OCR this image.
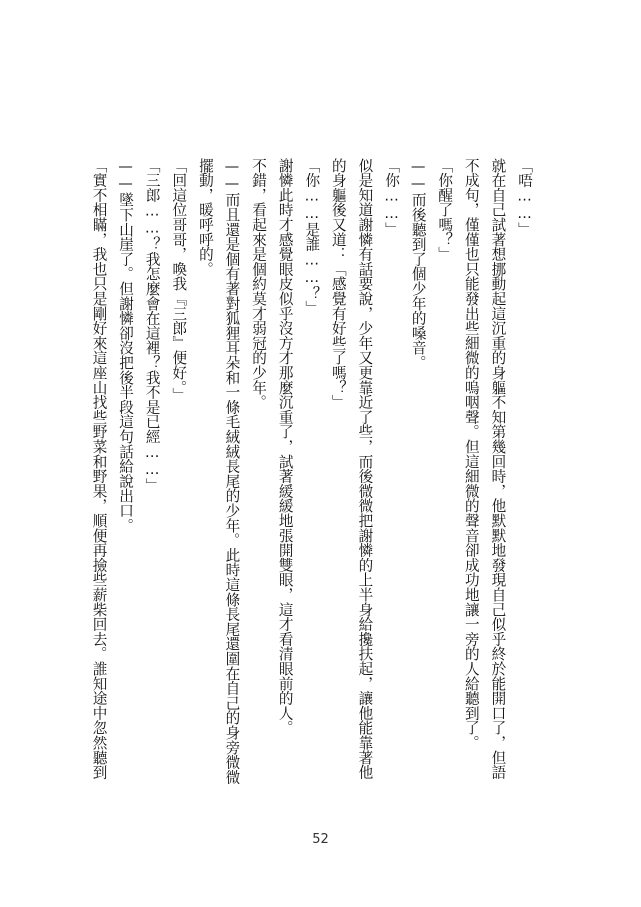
「唔……」

就在自己試著想挪動起這沉重的身軀不知第幾回時，他默默地發現自己似乎終於能開口了，但語

不成句，僅僅也只能發出些細微的嗚咽聲。但這細微的聲音卻成功地讓一旁的人給聽到了。

「你醒了嗎？」

——而後聽到了個少年的嗓音。

「你……」

似是知道謝憐有話要說，少年又更靠近了些，而後微微把謝憐的上半身給攙扶起，讓他能靠著他

的身軀後又道：「感覺有好些了嗎？」

「你……是誰……？」

謝憐此時才感覺眼皮似乎沒方才那麼沉重了，試著緩緩地張開雙眼，這才看清眼前的人。

不錯，看起來是個約莫才弱冠的少年。

——而且還是個有著對狐狸耳朵和一條毛絨絨長尾的少年。此時這條長尾還圍在自己的身旁微微

擺動，暖呼呼的。

「回這位哥哥，喚我『三郎』便好。」

「三郎……？我怎麼會在這裡？我不是已經……」

——墜下山崖了。但謝憐卻沒把後半段這句話給說出口。

「實不相瞞，我也只是剛好來這座山找些野菜和野果，順便再撿些薪柴回去。誰知途中忽然聽到

52
